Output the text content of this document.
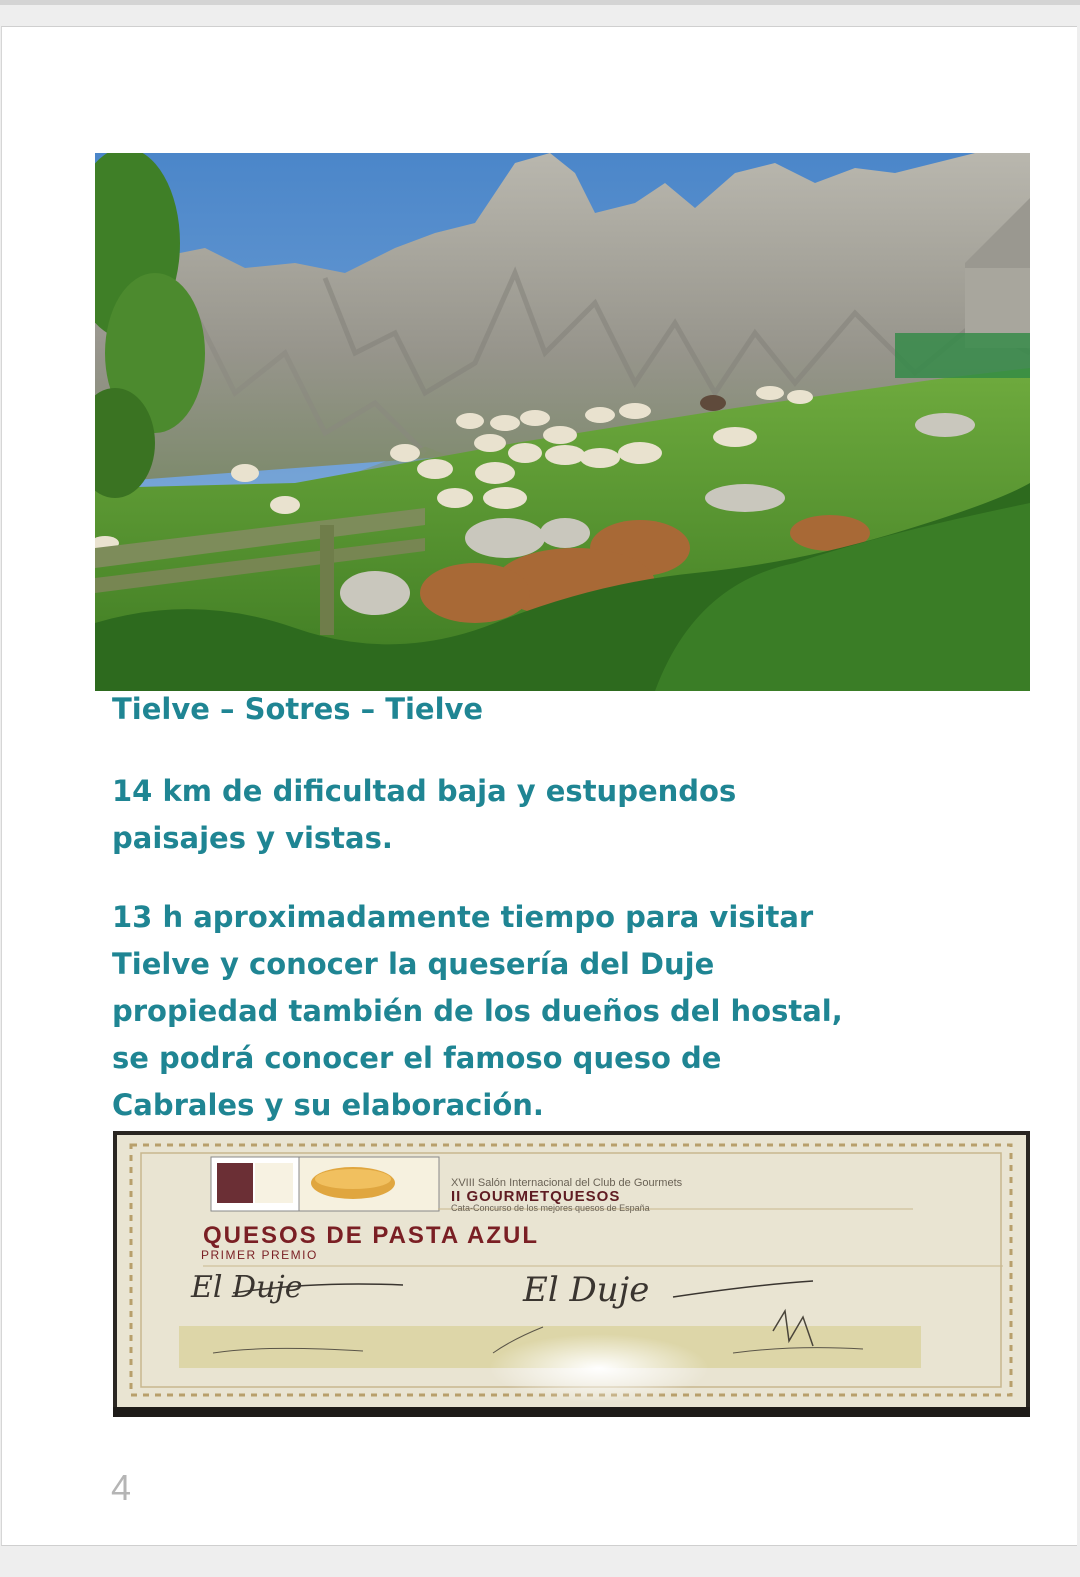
Tielve – Sotres – Tielve

14 km de dificultad baja y estupendos paisajes y vistas.

13 h aproximadamente tiempo para visitar Tielve y conocer la quesería del Duje propiedad también de los dueños del hostal, se podrá conocer el famoso queso de Cabrales y su elaboración.

4
